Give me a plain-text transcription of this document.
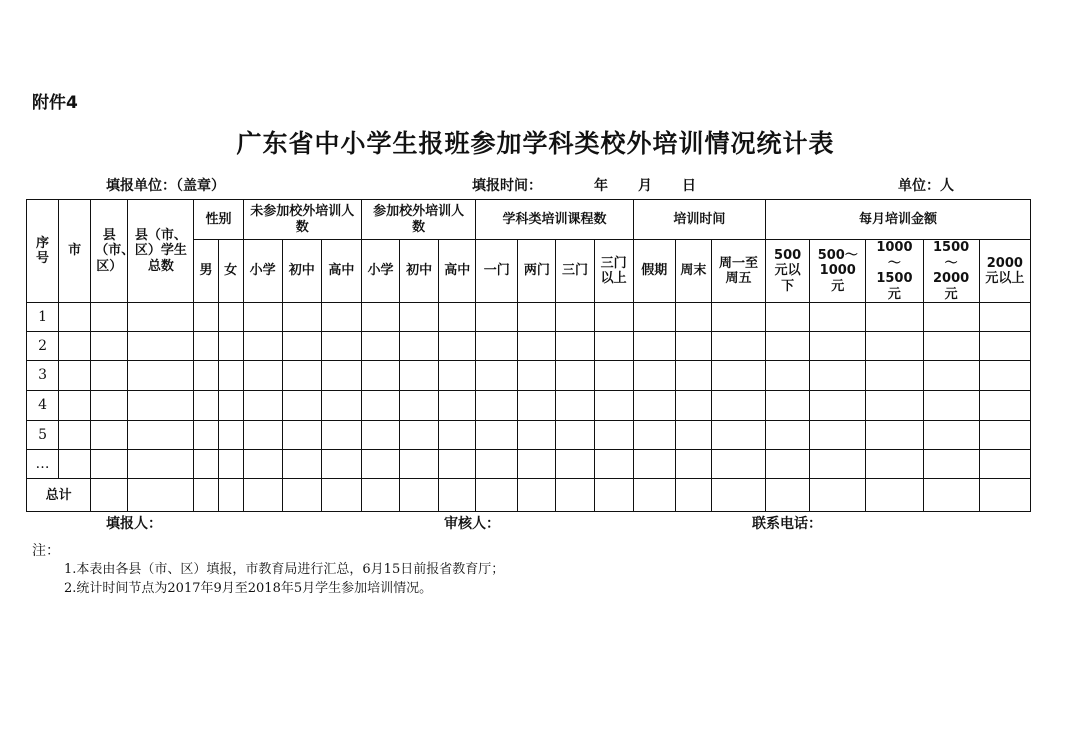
附件4
广东省中小学生报班参加学科类校外培训情况统计表
填报单位：（盖章）	填报时间：	年 月 日	单位：人
序号	市	县（市、区）	县（市、区）学生总数	性别		未参加校外培训人数			参加校外培训人数			学科类培训课程数				培训时间			每月培训金额				
				男	女	小学	初中	高中	小学	初中	高中	一门	两门	三门	三门以上	假期	周末	周一至周五	500元以下	500～1000元	1000～1500元	1500～2000元	2000元以上

1																							
2																							
3																							
4																							
5																							
…																							
总计																							
填报人：	审核人：	联系电话：
注：
1.本表由各县（市、区）填报，市教育局进行汇总，6月15日前报省教育厅；
2.统计时间节点为2017年9月至2018年5月学生参加培训情况。
